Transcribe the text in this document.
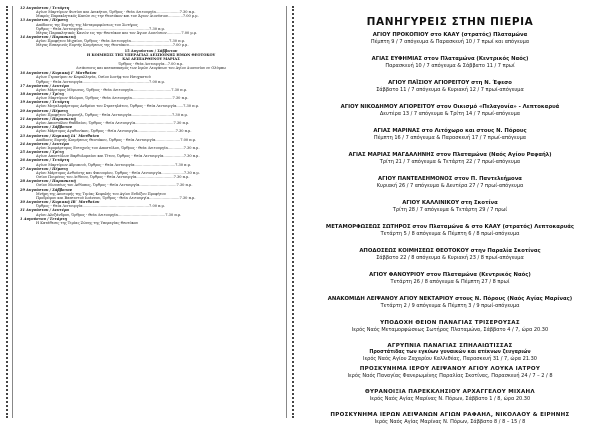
12 Αυγούστου / Τετάρτη
Αγίων Μαρτύρων Φωτίου και Ανικήτου, Όρθρος - Θεία Λειτουργία.....................7.30 π.μ.
Μικρός Παρακλητικός Κανών εις την Θεοτόκον και τον Άγιον Διονύσιον.............7.00 μ.μ.
13 Αυγούστου / Πέμπτη
Απόδοσις της Εορτής της Μεταμορφώσεως του Σωτήρος
Όρθρος - Θεία Λειτουργία...........................................................7.30 π.μ.
Μέγας Παρακλητικός Κανών εις την Θεοτόκον και τον Άγιον Διονύσιον.............7.00 μ.μ.
14 Αυγούστου / Παρασκευή
Αγίου Προφήτου Μιχαίου, Όρθρος - Θεία Λειτουργία..................................7.30 π.μ.
Μέγας Εσπερινός Εορτής Κοιμήσεως της Θεοτόκου.......................................7.00 μ.μ.
15 Αυγούστου / Σάββατον
Η ΚΟΙΜΗΣΙΣ ΤΗΣ ΥΠΕΡΑΓΙΑΣ ΔΕΣΠΟΙΝΗΣ ΗΜΩΝ ΘΕΟΤΟΚΟΥ
ΚΑΙ ΑΕΙΠΑΡΘΕΝΟΥ ΜΑΡΙΑΣ
Όρθρος - Θεία Λειτουργία...7.00 π.μ.
Λιτάνευσις και κατασπασμός των Ιερών Λειψάνων του Αγίου Διονυσίου εν Ολύμπω
16 Αυγούστου / Κυριακή Ι΄ Ματθαίου
Αγίων Γερασίμου εν Κεφαλληνία, Οσίου Ιωσήφ του Ησυχαστού
Όρθρος - Θεία Λειτουργία...........................................................7.00 π.μ.
17 Αυγούστου / Δευτέρα
Αγίου Μάρτυρος Μύρωνος, Όρθρος - Θεία Λειτουργία..................................7.30 π.μ.
18 Αυγούστου / Τρίτη
Αγίων Μαρτύρων Φλώρου, Όρθρος - Θεία Λειτουργία....................................7.30 π.μ.
19 Αυγούστου / Τετάρτη
Αγίου Μεγαλομάρτυρος Ανδρέου του Στρατηλάτου, Όρθρος - Θεία Λειτουργία......7.30 π.μ.
20 Αυγούστου / Πέμπτη
Αγίου Προφήτου Σαμουήλ, Όρθρος - Θεία Λειτουργία....................................7.30 π.μ.
21 Αυγούστου / Παρασκευή
Αγίου Αποστόλου Θαδδαίου, Όρθρος - Θεία Λειτουργία..................................7.30 π.μ.
22 Αυγούστου / Σάββατον
Αγίου Μάρτυρος Αγαθονίκου, Όρθρος - Θεία Λειτουργία..................................7.30 π.μ.
23 Αυγούστου / Κυριακή ΙΑ΄ Ματθαίου
Απόδοσις Εορτής Κοιμήσεως Θεοτόκου, Όρθρος - Θεία Λειτουργία......................7.00 π.μ.
24 Αυγούστου / Δευτέρα
Αγίου Ιερομάρτυρος Ευτυχούς του Αποστόλου, Όρθρος - Θεία Λειτουργία..............7.30 π.μ.
25 Αυγούστου / Τρίτη
Αγίων Αποστόλων Βαρθολομαίου και Τίτου, Όρθρος - Θεία Λειτουργία..................7.30 π.μ.
26 Αυγούστου / Τετάρτη
Αγίων Μαρτύρων Αδριανού, Όρθρος - Θεία Λειτουργία....................................7.30 π.μ.
27 Αυγούστου / Πέμπτη
Αγίου Μάρτυρος Ανθούσης και Φανουρίου, Όρθρος - Θεία Λειτουργία....................7.30 π.μ.
Οσίου Ποιμένος του Λιθίνου, Όρθρος - Θεία Λειτουργία.................................7.30 π.μ.
28 Αυγούστου / Παρασκευή
Οσίου Μωυσέως του Αιθίοπος, Όρθρος - Θεία Λειτουργία.................................7.30 π.μ.
29 Αυγούστου / Σάββατον
Μνήμη της Αποτομής της Τιμίας Κεφαλής του Αγίου Ενδόξου Προφήτου
Προδρόμου και Βαπτιστού Ιωάννου, Όρθρος - Θεία Λειτουργία...........................7.30 π.μ.
30 Αυγούστου / Κυριακή ΙΒ΄ Ματθαίου
Όρθρος - Θεία Λειτουργία...........................................................7.00 π.μ.
31 Αυγούστου / Δευτέρα
Αγίου Αλεξάνδρου, Όρθρος - Θεία Λειτουργία..........................................7.30 π.μ.
1 Αυγούστου / Τετάρτη
Η Κατάθεσις της Τιμίας Ζώνης της Υπεραγίας Θεοτόκου
ΠΑΝΗΓΥΡΕΙΣ ΣΤΗΝ ΠΙΕΡΙΑ
ΑΓΙΟΥ ΠΡΟΚΟΠΙΟΥ στο ΚΑΑΥ (στρατός) Πλαταμώνα
Πέμπτη 9 / 7 απόγευμα & Παρασκευή 10 / 7 πρωί και απόγευμα
ΑΓΙΑΣ ΕΥΦΗΜΙΑΣ στον Πλαταμώνα (Κεντρικός Ναός)
Παρασκευή 10 / 7 απόγευμα & Σάββατο 11 / 7 πρωί
ΑΓΙΟΥ ΠΑΪΣΙΟΥ ΑΓΙΟΡΕΙΤΟΥ στη Ν. Έφεσο
Σάββατο 11 / 7 απόγευμα & Κυριακή 12 / 7 πρωί-απόγευμα
ΑΓΙΟΥ ΝΙΚΟΔΗΜΟΥ ΑΓΙΟΡΕΙΤΟΥ στον Οικισμό «Πελαγονία» - Λεπτοκαρυά
Δευτέρα 13 / 7 απόγευμα & Τρίτη 14 / 7 πρωί-απόγευμα
ΑΓΙΑΣ ΜΑΡΙΝΑΣ στο Λιτόχωρο και στους Ν. Πόρους
Πέμπτη 16 / 7 απόγευμα & Παρασκευή 17 / 7 πρωί-απόγευμα
ΑΓΙΑΣ ΜΑΡΙΑΣ ΜΑΓΔΑΛΗΝΗΣ στον Πλαταμώνα (Ναός Αγίου Ραφαήλ)
Τρίτη 21 / 7 απόγευμα & Τετάρτη 22 / 7 πρωί-απόγευμα
ΑΓΙΟΥ ΠΑΝΤΕΛΕΗΜΟΝΟΣ στον Π. Παντελεήμονα
Κυριακή 26 / 7 απόγευμα & Δευτέρα 27 / 7 πρωί-απόγευμα
ΑΓΙΟΥ ΚΑΛΛΙΝΙΚΟΥ στη Σκοτίνα
Τρίτη 28 / 7 απόγευμα & Τετάρτη 29 / 7 πρωί
ΜΕΤΑΜΟΡΦΩΣΕΩΣ ΣΩΤΗΡΟΣ στον Πλαταμώνα & στο ΚΑΑΥ (στρατός) Λεπτοκαρυάς
Τετάρτη 5 / 8 απόγευμα & Πέμπτη 6 / 8 πρωί-απόγευμα
ΑΠΟΔΟΣΕΩΣ ΚΟΙΜΗΣΕΩΣ ΘΕΟΤΟΚΟΥ στην Παραλία Σκοτίνας
Σάββατο 22 / 8 απόγευμα & Κυριακή 23 / 8 πρωί-απόγευμα
ΑΓΙΟΥ ΦΑΝΟΥΡΙΟΥ στον Πλαταμώνα (Κεντρικός Ναός)
Τετάρτη 26 / 8 απόγευμα & Πέμπτη 27 / 8 πρωί
ΑΝΑΚΟΜΙΔΗ ΛΕΙΨΑΝΟΥ ΑΓΙΟΥ ΝΕΚΤΑΡΙΟΥ στους Ν. Πόρους (Ναός Αγίας Μαρίνας)
Τετάρτη 2 / 9 απόγευμα & Πέμπτη 3 / 9 πρωί-απόγευμα
ΥΠΟΔΟΧΗ ΘΕΙΟΝ ΠΑΝΑΓΙΑΣ ΤΡΙΣΕΡΟΥΣΑΣ
Ιερός Ναός Μεταμορφώσεως Σωτήρος Πλαταμώνα, Σάββατο 4 / 7, ώρα 20.30
ΑΓΡΥΠΝΙΑ ΠΑΝΑΓΙΑΣ ΣΠΗΛΑΙΩΤΙΣΣΑΣ
Προστάτιδας των εγκύων γυναικών και ατέκνων ζευγαριών
Ιερός Ναός Αγίου Ζαχαρίου Καλλιθέας, Παρασκευή 31 / 7, ώρα 21.30
ΠΡΟΣΚΥΝΗΜΑ ΙΕΡΟΥ ΛΕΙΨΑΝΟΥ ΑΓΙΟΥ ΛΟΥΚΑ ΙΑΤΡΟΥ
Ιερός Ναός Παναγίας Φανερωμένης Παραλίας Σκοτίνας, Παρασκευή 24 / 7 – 2 / 8
ΘΥΡΑΝΟΙΞΙΑ ΠΑΡΕΚΚΛΗΣΙΟΥ ΑΡΧΑΓΓΕΛΟΥ ΜΙΧΑΗΛ
Ιερός Ναός Αγίας Μαρίνας Ν. Πόρων, Σάββατο 1 / 8, ώρα 20.30
ΠΡΟΣΚΥΝΗΜΑ ΙΕΡΩΝ ΛΕΙΨΑΝΩΝ ΑΓΙΩΝ ΡΑΦΑΗΛ, ΝΙΚΟΛΑΟΥ & ΕΙΡΗΝΗΣ
Ιερός Ναός Αγίας Μαρίνας Ν. Πόρων, Σάββατο 8 / 8 – 15 / 8
